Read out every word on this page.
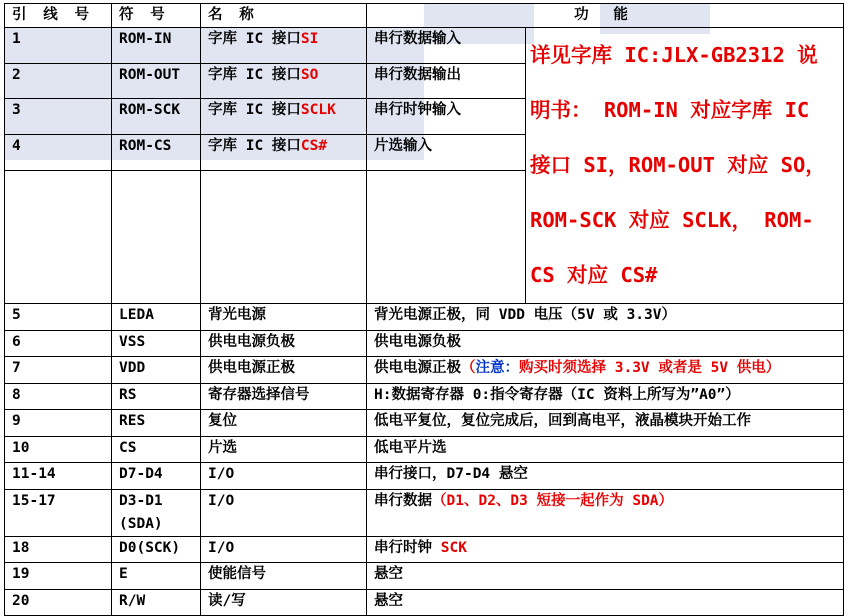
引 线 号	符 号	名 称	功 能	
1	ROM-IN	字库 IC 接口SI	串行数据输入	详见字库 IC:JLX-GB2312 说明书： ROM-IN 对应字库 IC 接口 SI，ROM-OUT 对应 SO，ROM-SCK 对应 SCLK， ROM-CS 对应 CS#
2	ROM-OUT	字库 IC 接口SO	串行数据输出	
3	ROM-SCK	字库 IC 接口SCLK	串行时钟输入	
4	ROM-CS	字库 IC 接口CS#	片选输入	

5	LEDA	背光电源	背光电源正极，同 VDD 电压（5V 或 3.3V）	
6	VSS	供电电源负极	供电电源负极	
7	VDD	供电电源正极	供电电源正极（注意：购买时须选择 3.3V 或者是 5V 供电）	
8	RS	寄存器选择信号	H:数据寄存器 0:指令寄存器（IC 资料上所写为”A0”）	
9	RES	复位	低电平复位，复位完成后，回到高电平，液晶模块开始工作	
10	CS	片选	低电平片选	
11-14	D7-D4	I/O	串行接口，D7-D4 悬空	
15-17	D3-D1 (SDA)	I/O	串行数据（D1、D2、D3 短接一起作为 SDA）	
18	D0(SCK)	I/O	串行时钟 SCK	
19	E	使能信号	悬空	
20	R/W	读/写	悬空	
